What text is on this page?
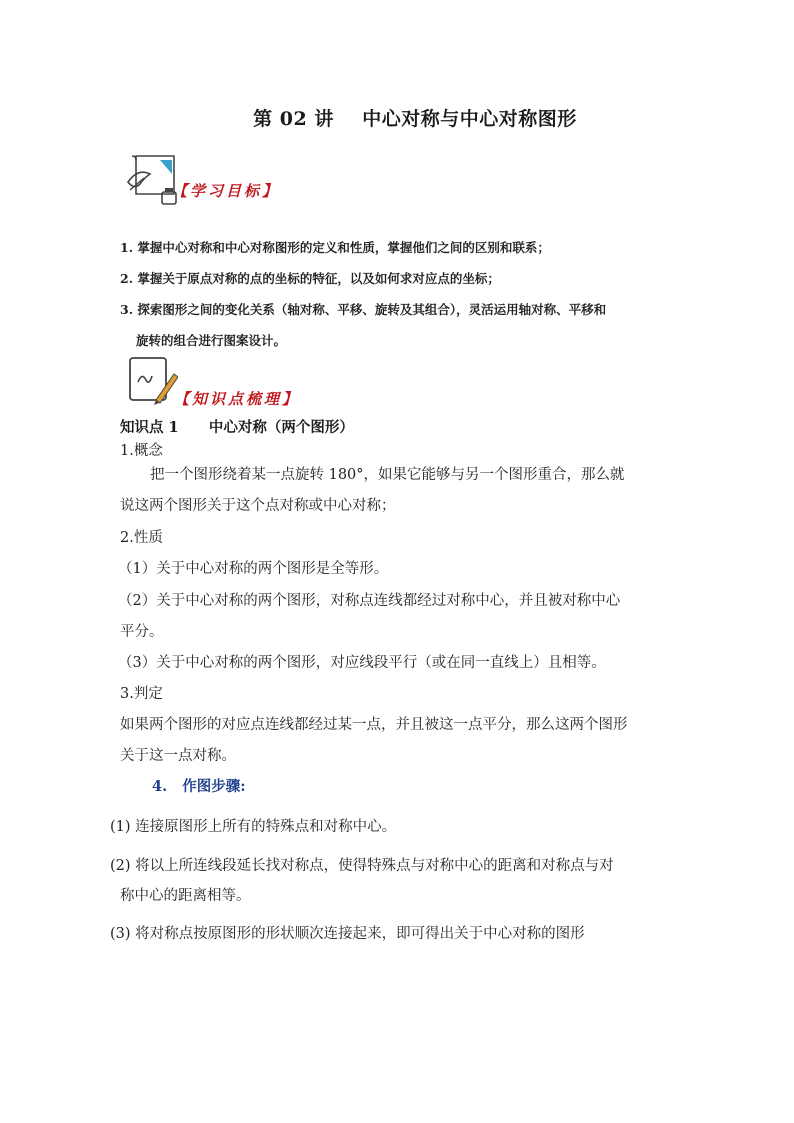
第 02 讲    中心对称与中心对称图形
【学习目标】
1. 掌握中心对称和中心对称图形的定义和性质，掌握他们之间的区别和联系；
2. 掌握关于原点对称的点的坐标的特征，以及如何求对应点的坐标；
3. 探索图形之间的变化关系（轴对称、平移、旋转及其组合），灵活运用轴对称、平移和
旋转的组合进行图案设计。
【知识点梳理】
知识点 1      中心对称（两个图形）
1.概念
把一个图形绕着某一点旋转 180°，如果它能够与另一个图形重合，那么就
说这两个图形关于这个点对称或中心对称；
2.性质
（1）关于中心对称的两个图形是全等形。
（2）关于中心对称的两个图形，对称点连线都经过对称中心，并且被对称中心
平分。
（3）关于中心对称的两个图形，对应线段平行（或在同一直线上）且相等。
3.判定
如果两个图形的对应点连线都经过某一点，并且被这一点平分，那么这两个图形
关于这一点对称。
4.   作图步骤:
(1) 连接原图形上所有的特殊点和对称中心。
(2) 将以上所连线段延长找对称点，使得特殊点与对称中心的距离和对称点与对
称中心的距离相等。
(3) 将对称点按原图形的形状顺次连接起来，即可得出关于中心对称的图形
